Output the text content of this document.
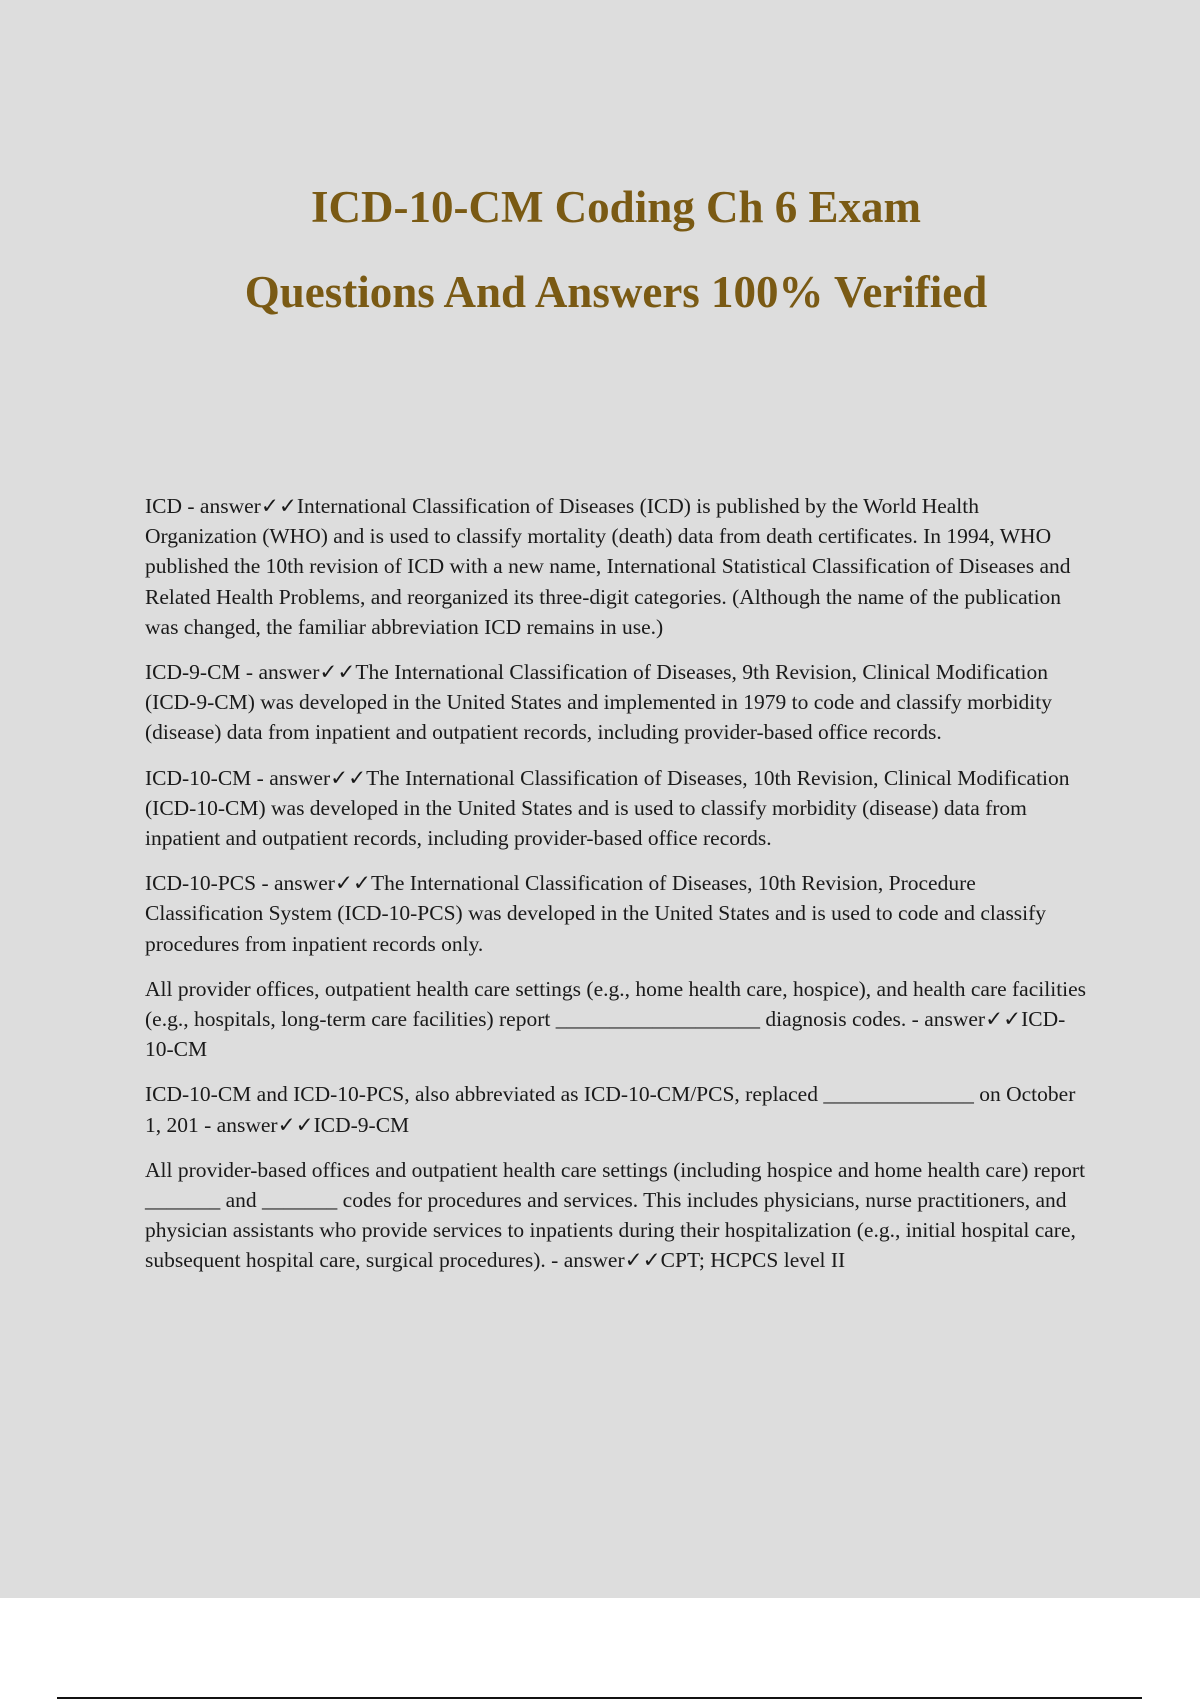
ICD-10-CM Coding Ch 6 Exam

Questions And Answers 100% Verified

ICD - answer✓✓International Classification of Diseases (ICD) is published by the World Health Organization (WHO) and is used to classify mortality (death) data from death certificates. In 1994, WHO published the 10th revision of ICD with a new name, International Statistical Classification of Diseases and Related Health Problems, and reorganized its three-digit categories. (Although the name of the publication was changed, the familiar abbreviation ICD remains in use.)

ICD-9-CM - answer✓✓The International Classification of Diseases, 9th Revision, Clinical Modification (ICD-9-CM) was developed in the United States and implemented in 1979 to code and classify morbidity (disease) data from inpatient and outpatient records, including provider-based office records.

ICD-10-CM - answer✓✓The International Classification of Diseases, 10th Revision, Clinical Modification (ICD-10-CM) was developed in the United States and is used to classify morbidity (disease) data from inpatient and outpatient records, including provider-based office records.

ICD-10-PCS - answer✓✓The International Classification of Diseases, 10th Revision, Procedure Classification System (ICD-10-PCS) was developed in the United States and is used to code and classify procedures from inpatient records only.

All provider offices, outpatient health care settings (e.g., home health care, hospice), and health care facilities (e.g., hospitals, long-term care facilities) report ___________________ diagnosis codes. - answer✓✓ICD-10-CM

ICD-10-CM and ICD-10-PCS, also abbreviated as ICD-10-CM/PCS, replaced ______________ on October 1, 201 - answer✓✓ICD-9-CM

All provider-based offices and outpatient health care settings (including hospice and home health care) report _______ and _______ codes for procedures and services. This includes physicians, nurse practitioners, and physician assistants who provide services to inpatients during their hospitalization (e.g., initial hospital care, subsequent hospital care, surgical procedures). - answer✓✓CPT; HCPCS level II
